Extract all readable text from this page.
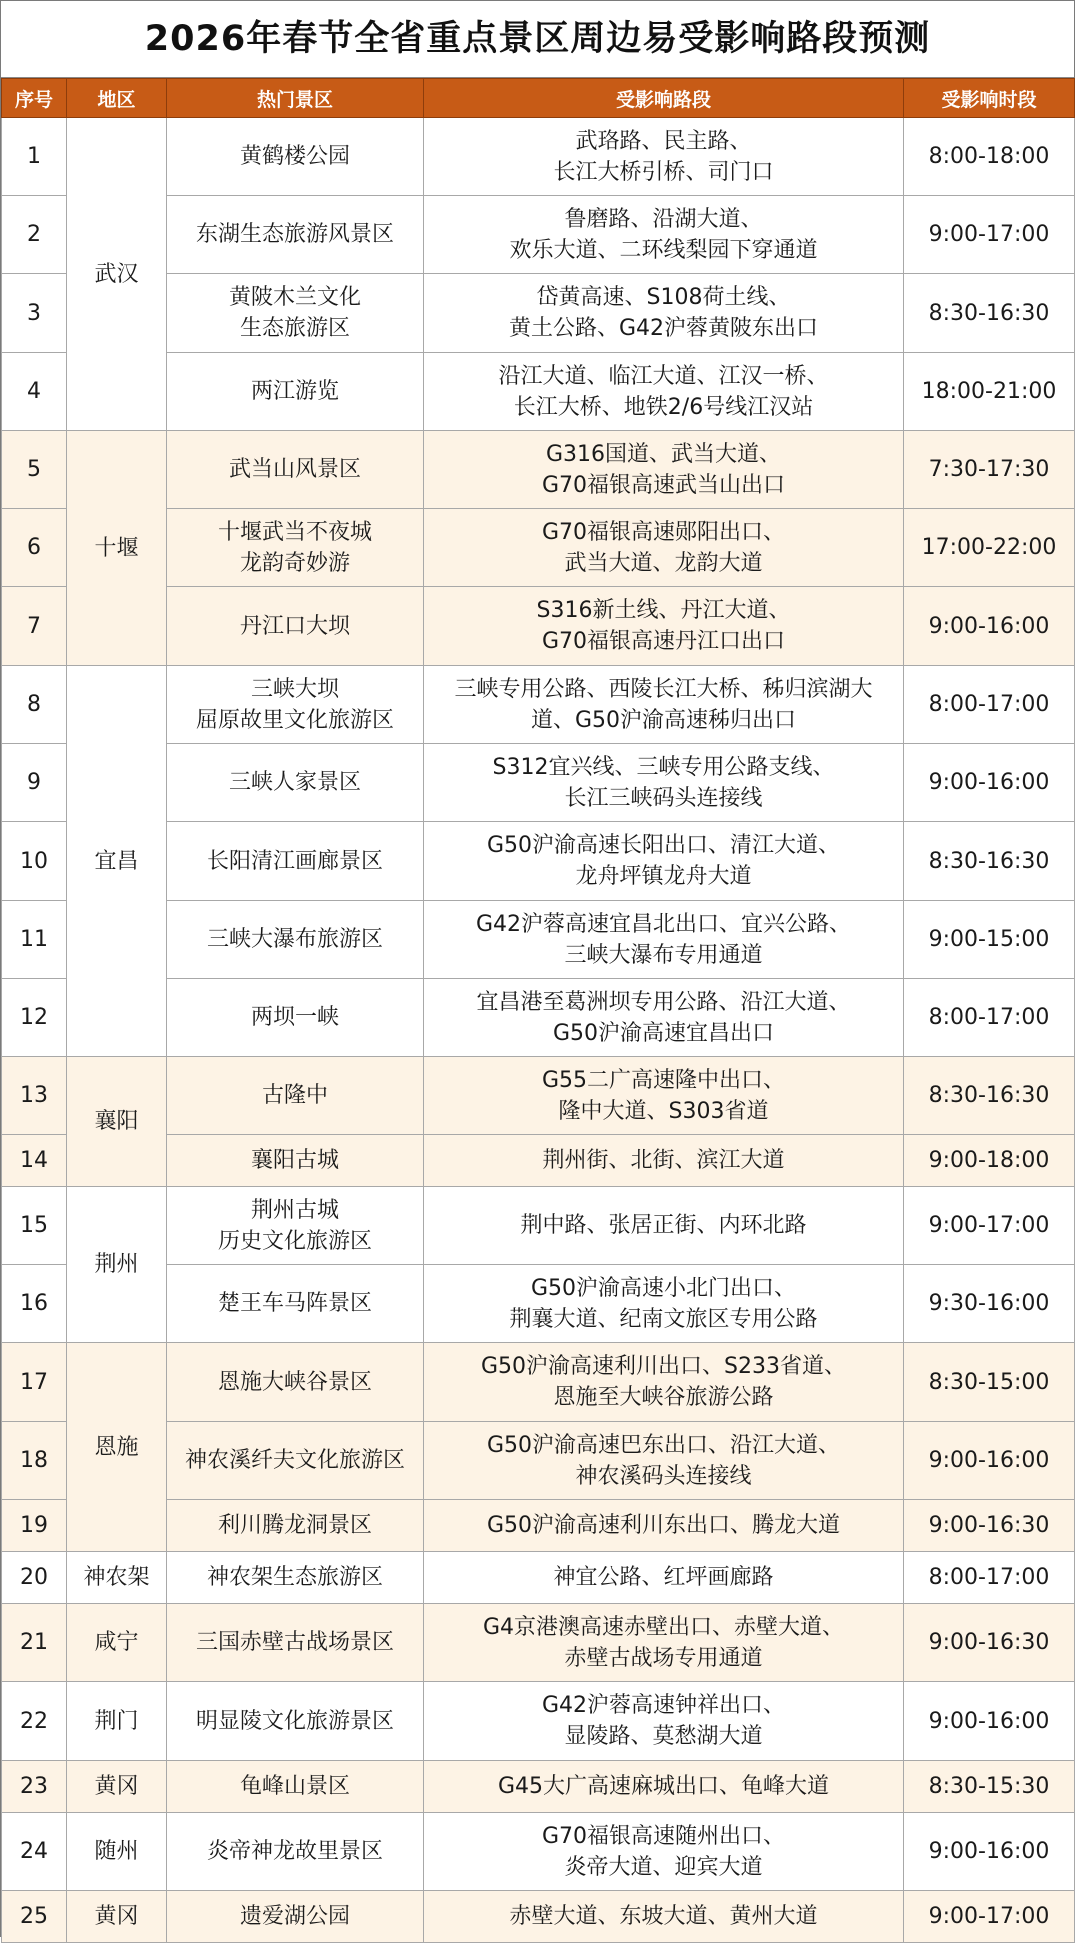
2026年春节全省重点景区周边易受影响路段预测
序号	地区	热门景区	受影响路段	受影响时段
1	武汉	黄鹤楼公园	武珞路、民主路、
长江大桥引桥、司门口	8:00-18:00
2		东湖生态旅游风景区	鲁磨路、沿湖大道、
欢乐大道、二环线梨园下穿通道	9:00-17:00
3		黄陂木兰文化
生态旅游区	岱黄高速、S108荷土线、
黄土公路、G42沪蓉黄陂东出口	8:30-16:30
4		两江游览	沿江大道、临江大道、江汉一桥、
长江大桥、地铁2/6号线江汉站	18:00-21:00
5	十堰	武当山风景区	G316国道、武当大道、
G70福银高速武当山出口	7:30-17:30
6		十堰武当不夜城
龙韵奇妙游	G70福银高速郧阳出口、
武当大道、龙韵大道	17:00-22:00
7		丹江口大坝	S316新土线、丹江大道、
G70福银高速丹江口出口	9:00-16:00
8	宜昌	三峡大坝
屈原故里文化旅游区	三峡专用公路、西陵长江大桥、秭归滨湖大
道、G50沪渝高速秭归出口	8:00-17:00
9		三峡人家景区	S312宜兴线、三峡专用公路支线、
长江三峡码头连接线	9:00-16:00
10		长阳清江画廊景区	G50沪渝高速长阳出口、清江大道、
龙舟坪镇龙舟大道	8:30-16:30
11		三峡大瀑布旅游区	G42沪蓉高速宜昌北出口、宜兴公路、
三峡大瀑布专用通道	9:00-15:00
12		两坝一峡	宜昌港至葛洲坝专用公路、沿江大道、
G50沪渝高速宜昌出口	8:00-17:00
13	襄阳	古隆中	G55二广高速隆中出口、
隆中大道、S303省道	8:30-16:30
14		襄阳古城	荆州街、北街、滨江大道	9:00-18:00
15	荆州	荆州古城
历史文化旅游区	荆中路、张居正街、内环北路	9:00-17:00
16		楚王车马阵景区	G50沪渝高速小北门出口、
荆襄大道、纪南文旅区专用公路	9:30-16:00
17	恩施	恩施大峡谷景区	G50沪渝高速利川出口、S233省道、
恩施至大峡谷旅游公路	8:30-15:00
18		神农溪纤夫文化旅游区	G50沪渝高速巴东出口、沿江大道、
神农溪码头连接线	9:00-16:00
19		利川腾龙洞景区	G50沪渝高速利川东出口、腾龙大道	9:00-16:30
20	神农架	神农架生态旅游区	神宜公路、红坪画廊路	8:00-17:00
21	咸宁	三国赤壁古战场景区	G4京港澳高速赤壁出口、赤壁大道、
赤壁古战场专用通道	9:00-16:30
22	荆门	明显陵文化旅游景区	G42沪蓉高速钟祥出口、
显陵路、莫愁湖大道	9:00-16:00
23	黄冈	龟峰山景区	G45大广高速麻城出口、龟峰大道	8:30-15:30
24	随州	炎帝神龙故里景区	G70福银高速随州出口、
炎帝大道、迎宾大道	9:00-16:00
25	黄冈	遗爱湖公园	赤壁大道、东坡大道、黄州大道	9:00-17:00
